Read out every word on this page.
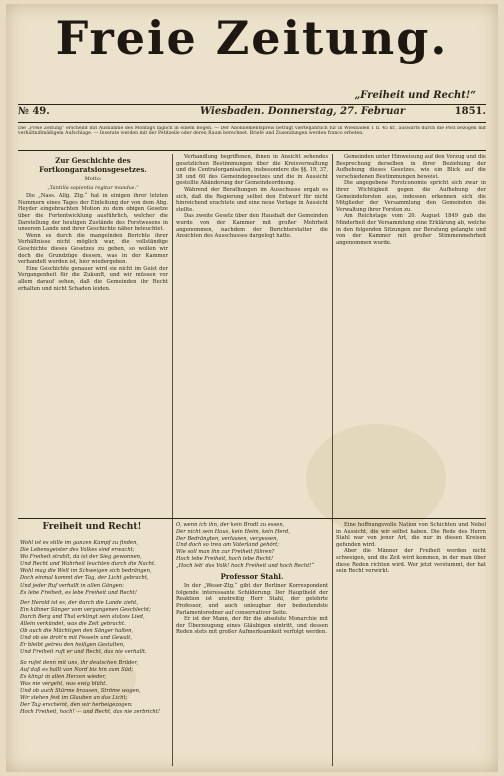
Freie Zeitung.
„Freiheit und Recht!“
№ 49.	Wiesbaden. Donnerstag, 27. Februar	1851.
Die „Freie Zeitung“ erscheint mit Ausnahme des Montags täglich in einem Bogen. — Der Abonnementspreis beträgt vierteljährlich für in Wiesbaden 1 fl. 45 kr., auswärts durch die Post bezogen mit verhältnißmäßigem Aufschlage. — Inserate werden mit der Petitzeile oder deren Raum berechnet. Briefe und Zusendungen werden franco erbeten.
Zur Geschichte des Fortkongaratsionsgesetzes.
Motto:
„Tantilla sapientia regitur mundus.“

Die „Nass. Allg. Ztg.“ hat in einigen ihrer letzten Nummern eines Tages der Einleitung der von dem Abg. Heyder eingebrachten Motion zu dem obigen Gesetze über die Fortentwicklung ausführlich, welcher die Darstellung der heutigen Zustände des Forstwesens in unserem Lande und ihrer Geschichte näher beleuchtet.

Wenn es durch die mangelnden Berichte ihrer Verhältnisse nicht möglich war, die vollständige Geschichte dieses Gesetzes zu geben, so wollen wir doch die Grundzüge dessen, was in der Kammer verhandelt worden ist, hier wiedergeben.

Eine Geschichte genauer wird sie nicht im Geist der Vergangenheit für die Zukunft, und wir müssen vor allem darauf sehen, daß die Gemeinden ihr Recht erhalten und nicht Schaden leiden.

Verhandlung begriffenen, ihnen in Ansicht sehendes gesetzlichen Bestimmungen über die Kreisverwaltung und die Centralorganisation, insbesondere die §§. 19, 37, 38 und 60 des Gemeindegesetzes und die in Aussicht gestellte Abänderung der Gemeindeordnung.

Während der Berathungen im Ausschusse ergab es sich, daß die Regierung selbst den Entwurf für nicht hinreichend erachtete und eine neue Vorlage in Aussicht stellte.

Das zweite Gesetz über den Haushalt der Gemeinden wurde von der Kammer mit großer Mehrheit angenommen, nachdem der Berichterstatter die Ansichten des Ausschusses dargelegt hatte.

Gemeinden unter Hinweisung auf den Vorzug und die Besprechung derselben in ihrer Beziehung der Aufhebung dieses Gesetzes, wie ein Blick auf die verschiedenen Bestimmungen beweist.

Die angegebene Forstconomie spricht sich zwar in ihrer Wichtigkeit gegen die Aufhebung der Gemeindeforsten aus, indessen erkennen sich die Mitglieder der Versammlung den Gemeinden die Verwaltung ihrer Forsten zu.

Am Reichstage vom 20. August 1849 gab die Minderheit der Versammlung eine Erklärung ab, welche in den folgenden Sitzungen zur Beratung gelangte und von der Kammer mit großer Stimmenmehrheit angenommen wurde.

Freiheit und Recht!
Wohl ist es stille im ganzen Kampf zu finden,
Die Lebensgeister des Volkes sind erwacht;
Wo Freiheit strahlt, da ist der Sieg gewonnen,
Und Recht und Wahrheit leuchten durch die Nacht.
Wohl mag die Welt im Schweigen sich bedrängen,
Doch einmal kommt der Tag, der Licht gebracht,
Und jeder Ruf verhallt in allen Gängen:
Es lebe Freiheit, es lebe Freiheit und Recht!
Der Herold ist es, der durch die Lande zieht,
Ein kühner Sänger vom vergangenen Geschlecht;
Durch Berg und Thal erklingt sein stolzes Lied,
Allein verkündet, was die Zeit gebracht.
Ob auch die Mächtigen den Sänger halten,
Und ob sie droh'n mit Fesseln und Gewalt,
Er bleibt getreu den heiligen Gestalten,
Und Freiheit ruft er und Recht, das nie verhallt.
So rufet denn mit uns, ihr deutschen Brüder,
Auf daß es hallt von Nord bis hin zum Süd;
Es klingt in allen Herzen wieder,
Was nie vergeht, was ewig blüht.
Und ob auch Stürme brausen, Ströme wogen,
Wir stehen fest im Glauben an das Licht;
Der Tag erscheint, den wir herbeigezogen:
Hoch Freiheit, hoch! — und Recht, das nie zerbricht!
O, wenn ich ihn, der kein Brodt zu essen,
Der nicht sein Haus, kein Heim, kein Herd,
Der Bedrängten, verlassen, vergessen,
Und doch so treu am Vaterland gehört;
Wie soll man ihn zur Freiheit führen?
Hoch lebe Freiheit, hoch lebe Recht!
„Hoch leb' das Volk! hoch Freiheit und hoch Recht!“
Professor Stahl.

In der „Weser-Ztg.“ gibt der Berliner Korrespondent folgende interessante Schilderung: Der Hauptheld der Reaktion ist unstreitig Herr Stahl, der gelehrte Professor, und auch unleugbar der bedeutendste Parlamentsredner auf conservativer Seite.

Er ist der Mann, der für die absolute Monarchie mit der Überzeugung eines Gläubigen eintritt, und dessen Reden stets mit großer Aufmerksamkeit verfolgt werden.

Eine hoffnungsvolle Nation von Schichten und Nebel in Aussicht, die wir selbst haben. Die Rede des Herrn Stahl war von jener Art, die nur in diesen Kreisen gefunden wird.

Aber die Männer der Freiheit werden nicht schweigen, und die Zeit wird kommen, in der man über diese Reden richten wird. Wer jetzt verstummt, der hat sein Recht verwirkt.
